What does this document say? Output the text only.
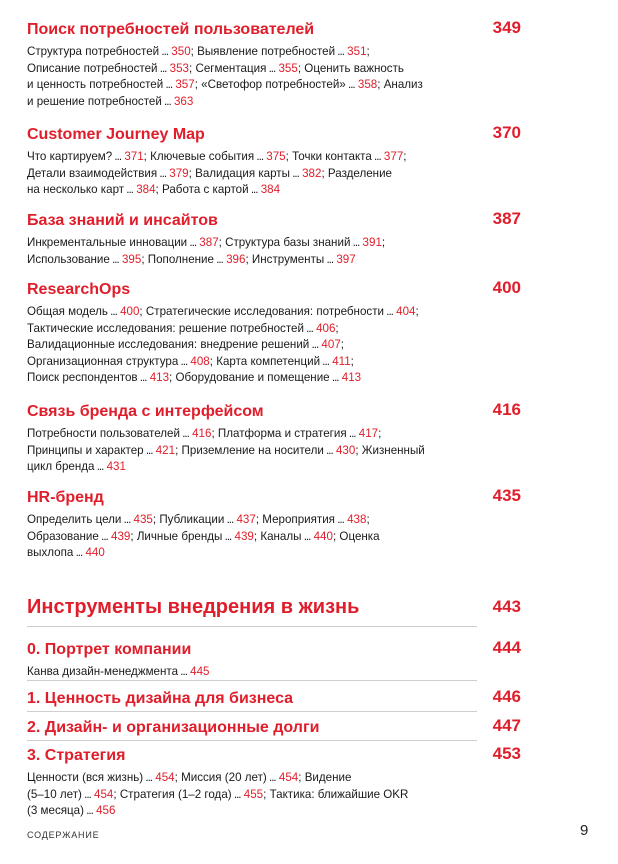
Поиск потребностей пользователей	349
Структура потребностей ... 350; Выявление потребностей ... 351;
Описание потребностей ... 353; Сегментация ... 355; Оценить важность
и ценность потребностей ... 357; «Светофор потребностей» ... 358; Анализ
и решение потребностей ... 363
Customer Journey Map	370
Что картируем? ... 371; Ключевые события ... 375; Точки контакта ... 377;
Детали взаимодействия ... 379; Валидация карты ... 382; Разделение
на несколько карт ... 384; Работа с картой ... 384
База знаний и инсайтов	387
Инкрементальные инновации ... 387; Структура базы знаний ... 391;
Использование ... 395; Пополнение ... 396; Инструменты ... 397
ResearchOps	400
Общая модель ... 400; Стратегические исследования: потребности ... 404;
Тактические исследования: решение потребностей ... 406;
Валидационные исследования: внедрение решений ... 407;
Организационная структура ... 408; Карта компетенций ... 411;
Поиск респондентов ... 413; Оборудование и помещение ... 413
Связь бренда с интерфейсом	416
Потребности пользователей ... 416; Платформа и стратегия ... 417;
Принципы и характер ... 421; Приземление на носители ... 430; Жизненный
цикл бренда ... 431
HR-бренд	435
Определить цели ... 435; Публикации ... 437; Мероприятия ... 438;
Образование ... 439; Личные бренды ... 439; Каналы ... 440; Оценка
выхлопа ... 440
Инструменты внедрения в жизнь	443
0. Портрет компании	444
Канва дизайн-менеджмента ... 445
1. Ценность дизайна для бизнеса	446
2. Дизайн- и организационные долги	447
3. Стратегия	453
Ценности (вся жизнь) ... 454; Миссия (20 лет) ... 454; Видение
(5–10 лет) ... 454; Стратегия (1–2 года) ... 455; Тактика: ближайшие OKR
(3 месяца) ... 456
СОДЕРЖАНИЕ	9
